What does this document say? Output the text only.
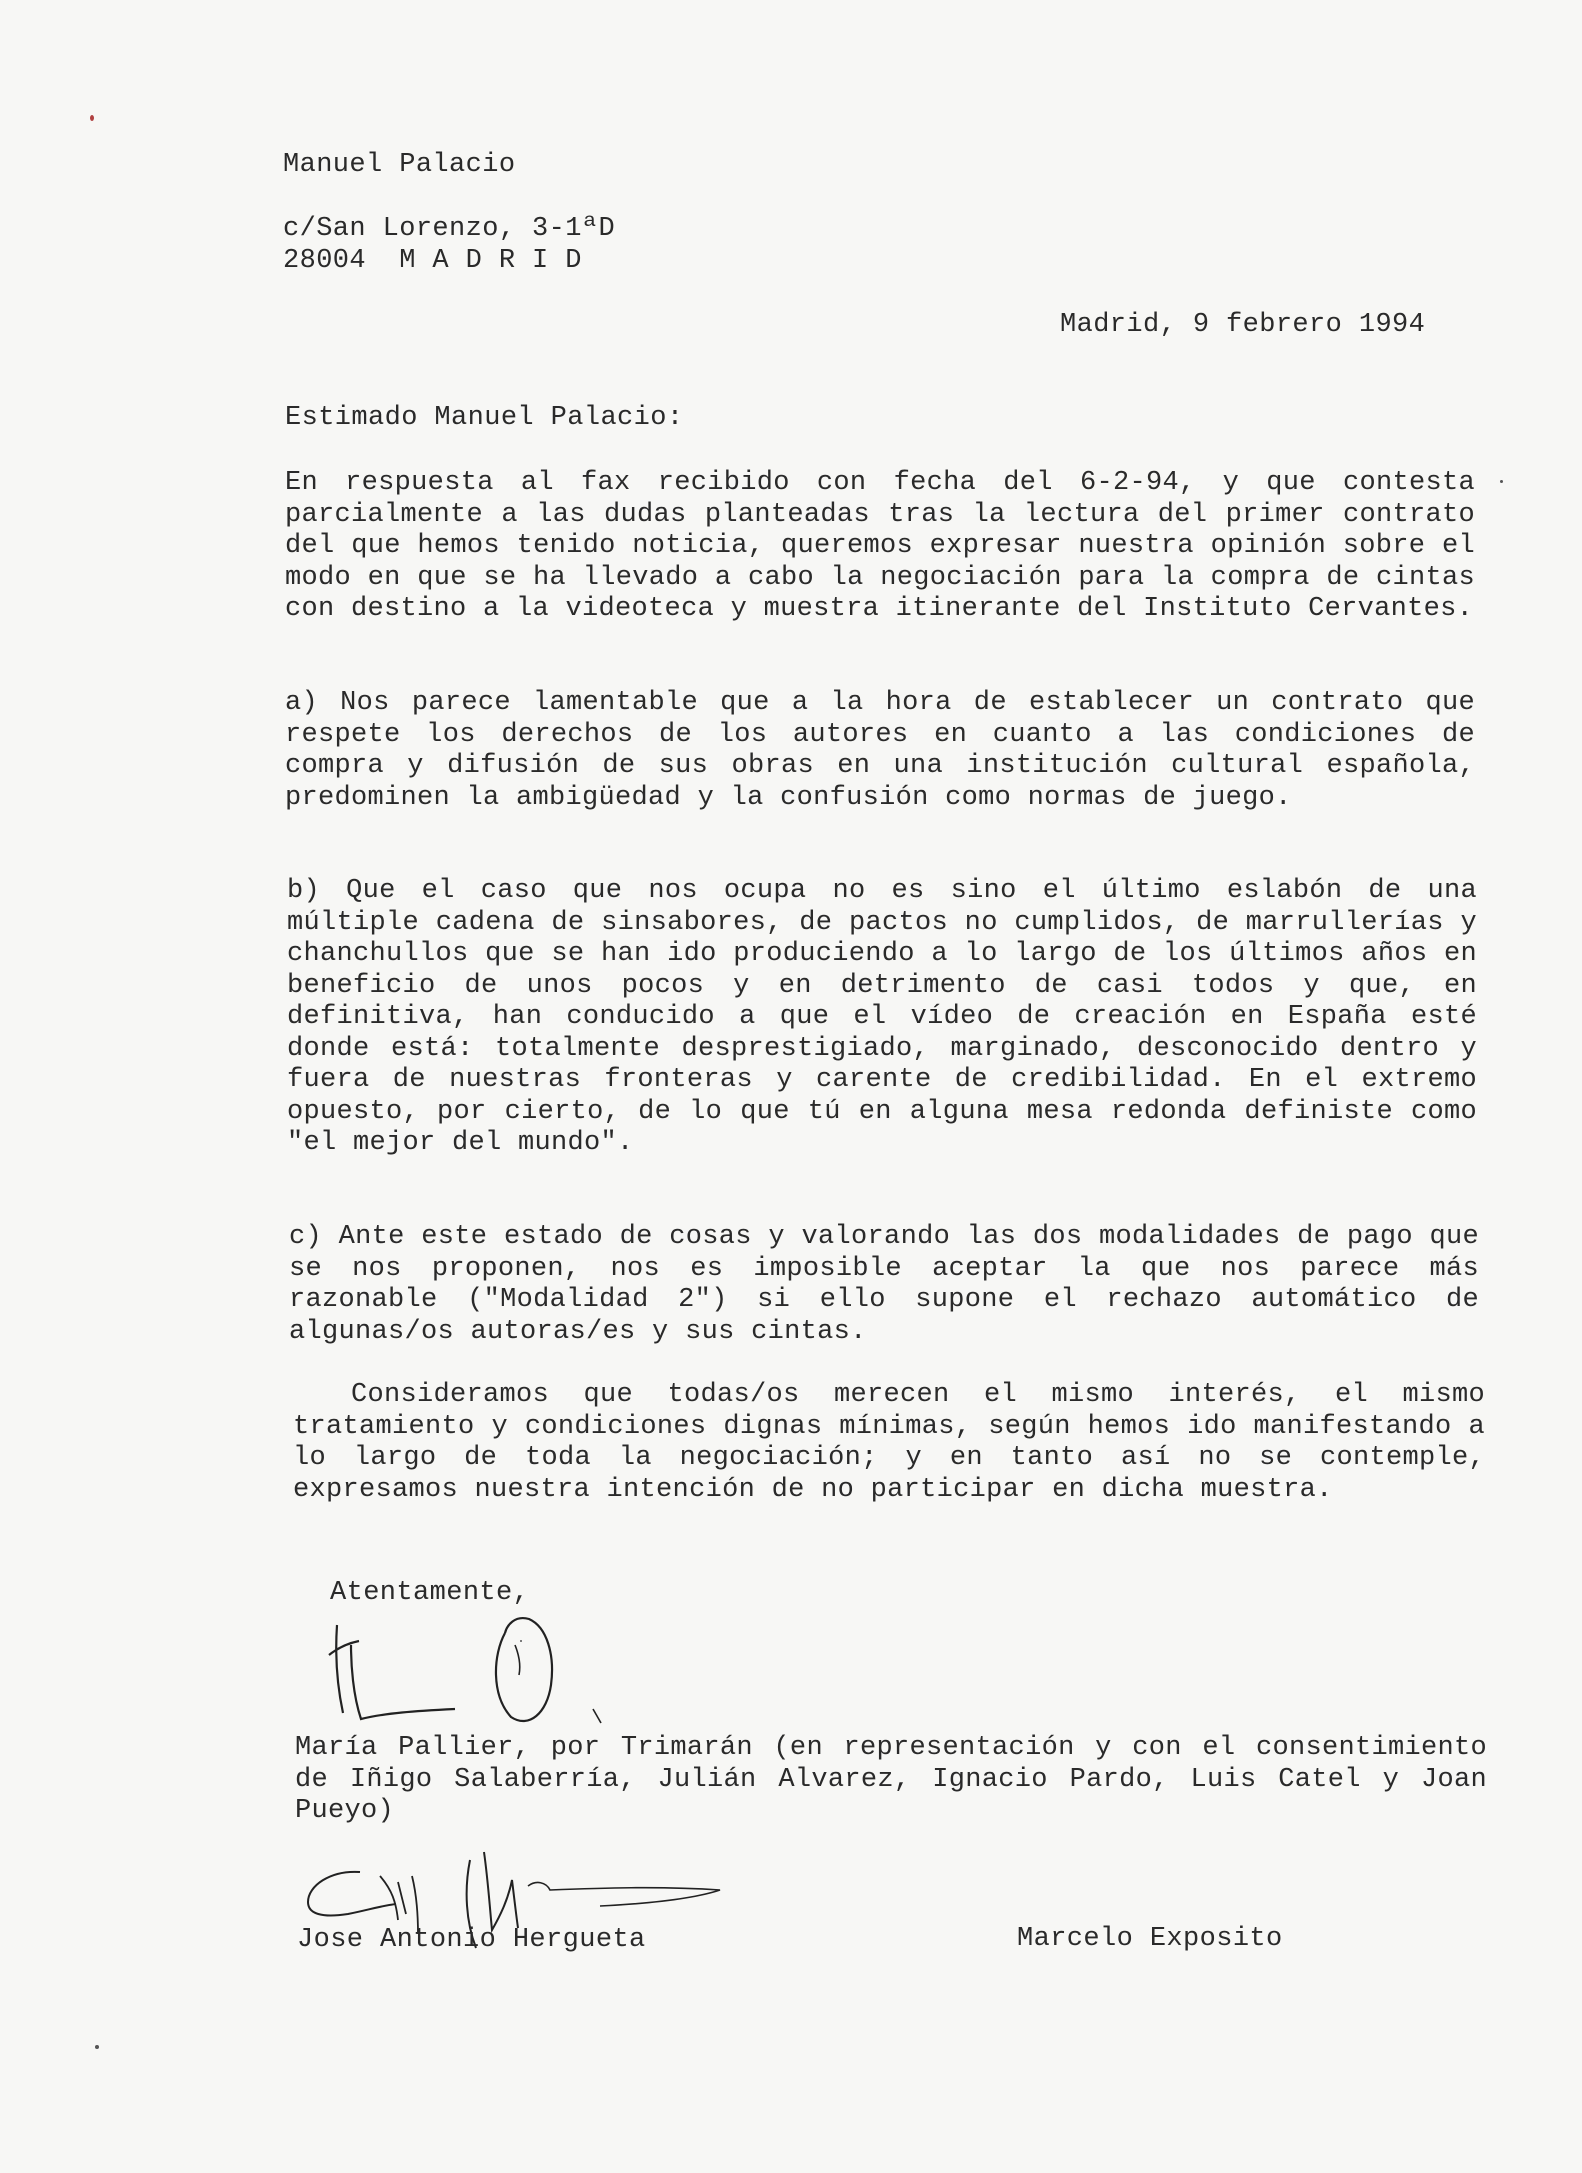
Manuel Palacio
c/San Lorenzo, 3-1ªD
28004  M A D R I D
Madrid, 9 febrero 1994
Estimado Manuel Palacio:

En respuesta al fax recibido con fecha del 6-2-94, y que contesta parcialmente a las dudas planteadas tras la lectura del primer contrato del que hemos tenido noticia, queremos expresar nuestra opinión sobre el modo en que se ha llevado a cabo la negociación para la compra de cintas con destino a la videoteca y muestra itinerante del Instituto Cervantes.

a) Nos parece lamentable que a la hora de establecer un contrato que respete los derechos de los autores en cuanto a las condiciones de compra y difusión de sus obras en una institución cultural española, predominen la ambigüedad y la confusión como normas de juego.

b) Que el caso que nos ocupa no es sino el último eslabón de una múltiple cadena de sinsabores, de pactos no cumplidos, de marrullerías y chanchullos que se han ido produciendo a lo largo de los últimos años en beneficio de unos pocos y en detrimento de casi todos y que, en definitiva, han conducido a que el vídeo de creación en España esté donde está: totalmente desprestigiado, marginado, desconocido dentro y fuera de nuestras fronteras y carente de credibilidad. En el extremo opuesto, por cierto, de lo que tú en alguna mesa redonda definiste como "el mejor del mundo".

c) Ante este estado de cosas y valorando las dos modalidades de pago que se nos proponen, nos es imposible aceptar la que nos parece más razonable ("Modalidad 2") si ello supone el rechazo automático de algunas/os autoras/es y sus cintas.

Consideramos que todas/os merecen el mismo interés, el mismo tratamiento y condiciones dignas mínimas, según hemos ido manifestando a lo largo de toda la negociación; y en tanto así no se contemple, expresamos nuestra intención de no participar en dicha muestra.

Atentamente,

María Pallier, por Trimarán (en representación y con el consentimiento de Iñigo Salaberría, Julián Alvarez, Ignacio Pardo, Luis Catel y Joan Pueyo)

Jose Antonio Hergueta	Marcelo Exposito
